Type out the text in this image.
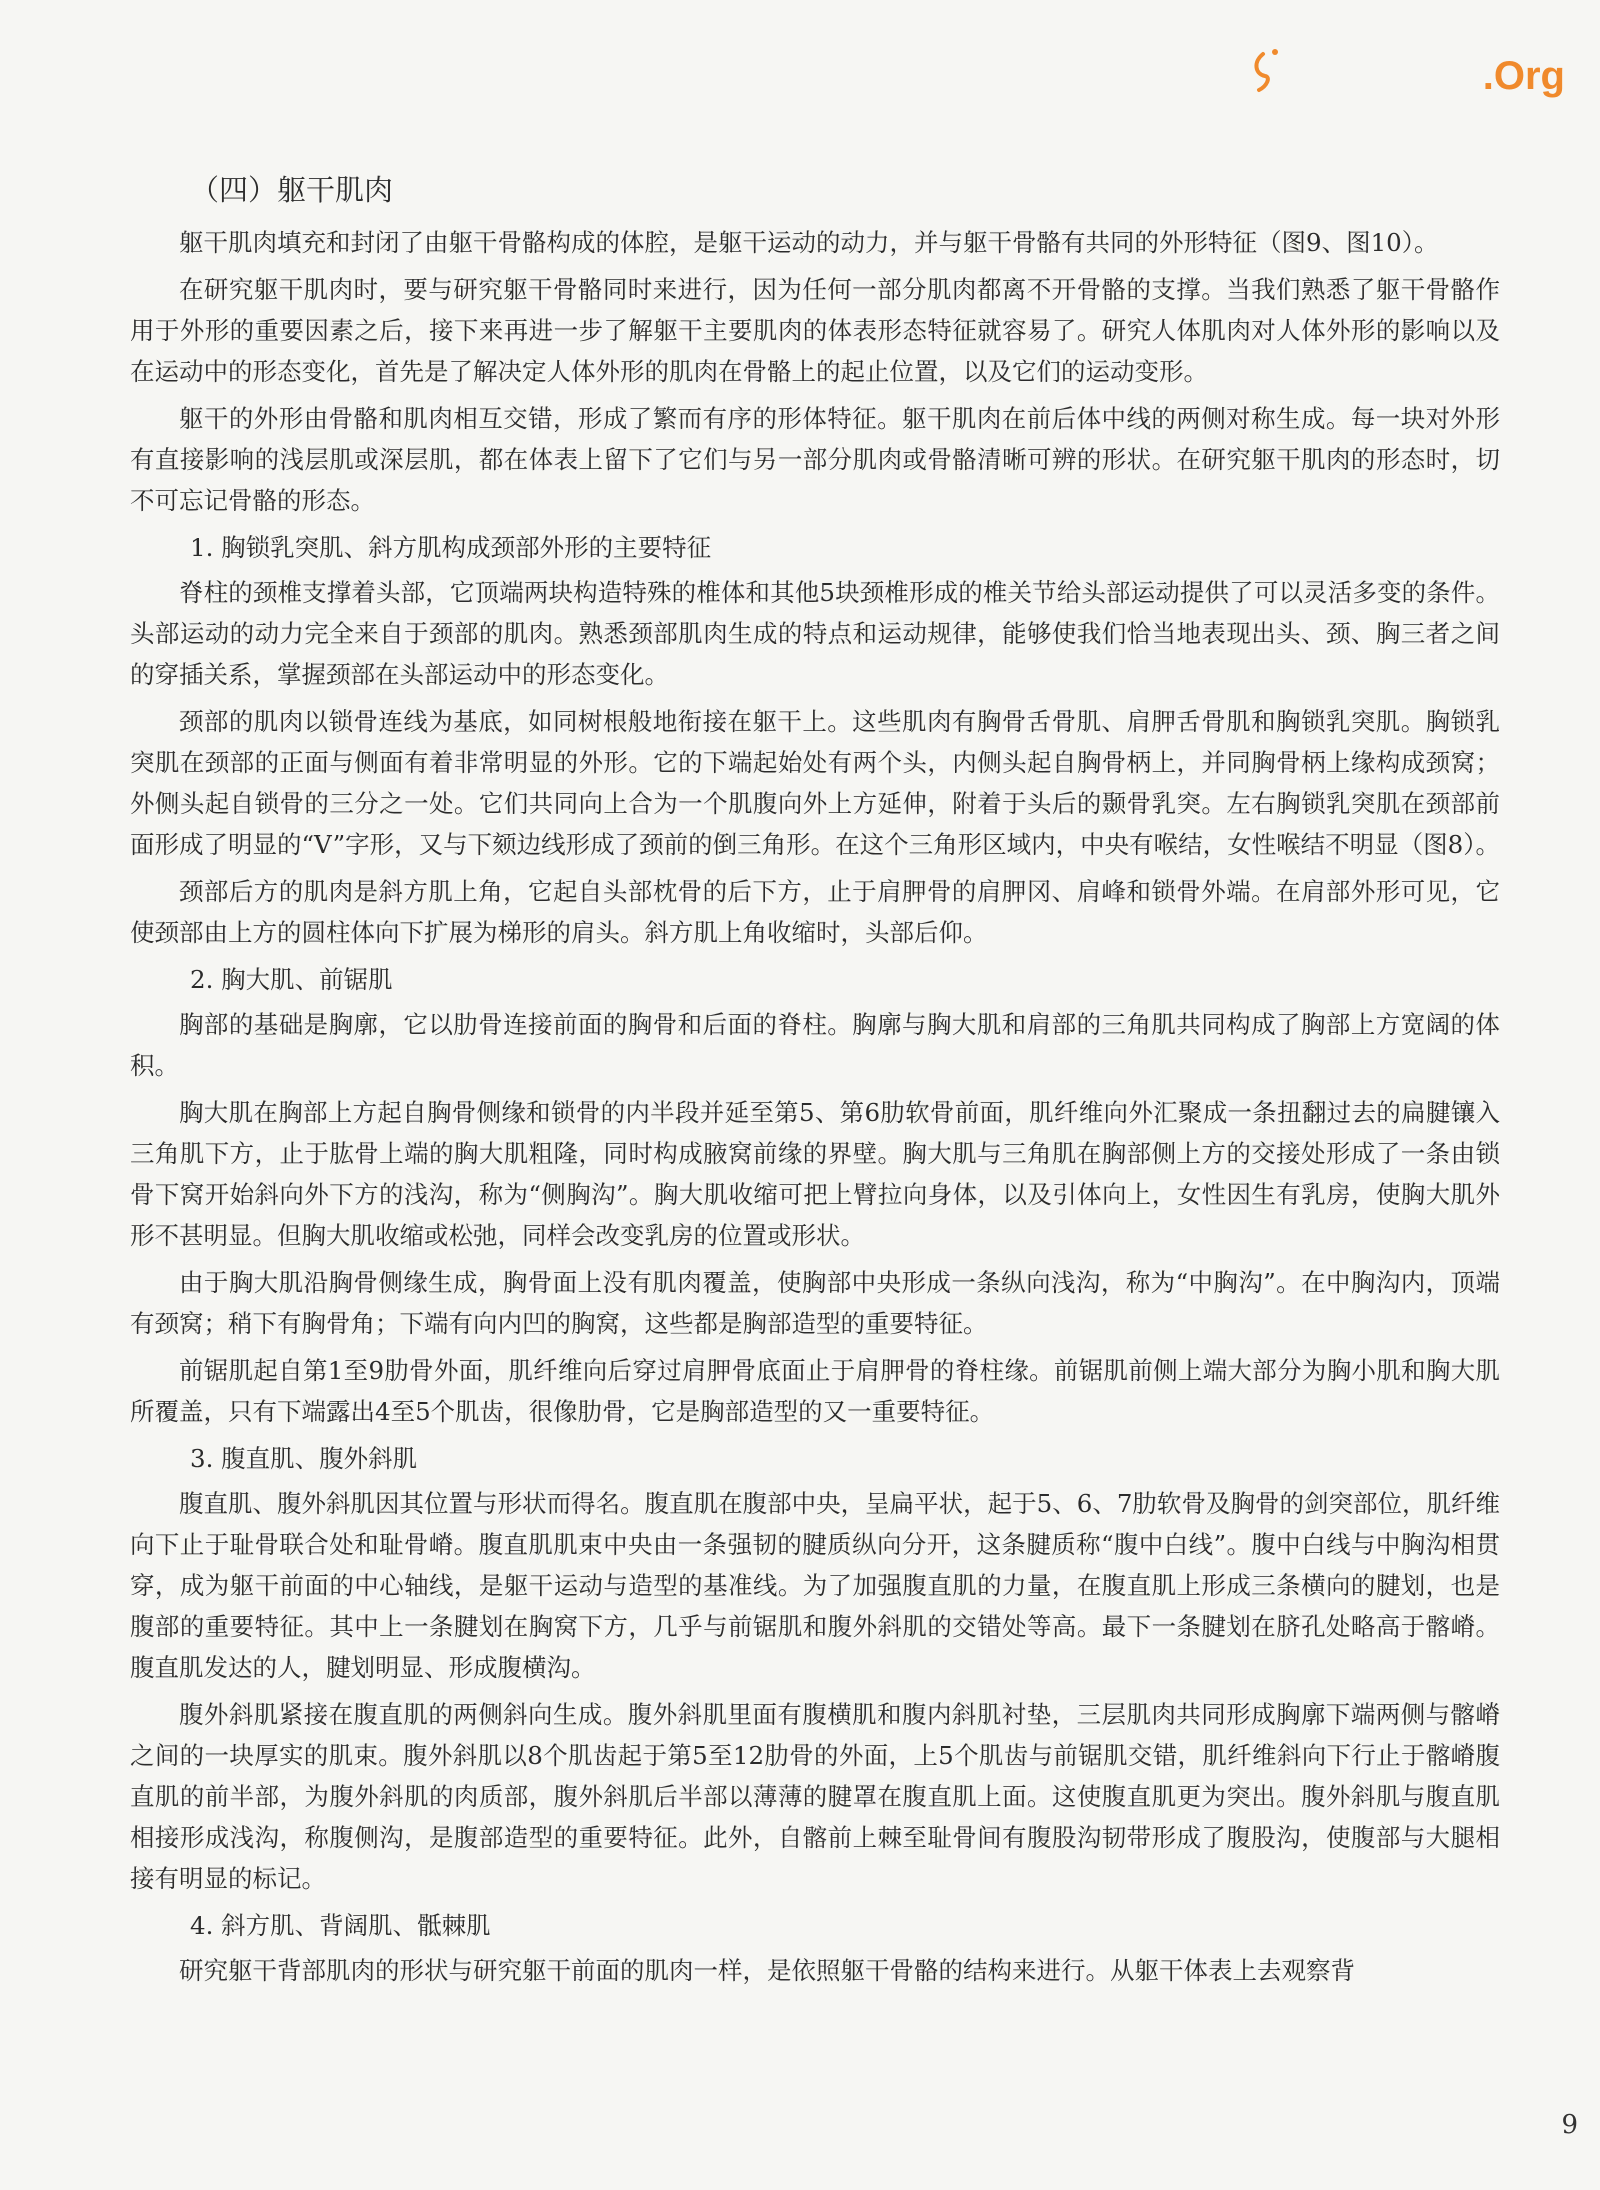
.Org
（四）躯干肌肉

躯干肌肉填充和封闭了由躯干骨骼构成的体腔，是躯干运动的动力，并与躯干骨骼有共同的外形特征（图9、图10）。

在研究躯干肌肉时，要与研究躯干骨骼同时来进行，因为任何一部分肌肉都离不开骨骼的支撑。当我们熟悉了躯干骨骼作用于外形的重要因素之后，接下来再进一步了解躯干主要肌肉的体表形态特征就容易了。研究人体肌肉对人体外形的影响以及在运动中的形态变化，首先是了解决定人体外形的肌肉在骨骼上的起止位置，以及它们的运动变形。

躯干的外形由骨骼和肌肉相互交错，形成了繁而有序的形体特征。躯干肌肉在前后体中线的两侧对称生成。每一块对外形有直接影响的浅层肌或深层肌，都在体表上留下了它们与另一部分肌肉或骨骼清晰可辨的形状。在研究躯干肌肉的形态时，切不可忘记骨骼的形态。

1. 胸锁乳突肌、斜方肌构成颈部外形的主要特征

脊柱的颈椎支撑着头部，它顶端两块构造特殊的椎体和其他5块颈椎形成的椎关节给头部运动提供了可以灵活多变的条件。头部运动的动力完全来自于颈部的肌肉。熟悉颈部肌肉生成的特点和运动规律，能够使我们恰当地表现出头、颈、胸三者之间的穿插关系，掌握颈部在头部运动中的形态变化。

颈部的肌肉以锁骨连线为基底，如同树根般地衔接在躯干上。这些肌肉有胸骨舌骨肌、肩胛舌骨肌和胸锁乳突肌。胸锁乳突肌在颈部的正面与侧面有着非常明显的外形。它的下端起始处有两个头，内侧头起自胸骨柄上，并同胸骨柄上缘构成颈窝；外侧头起自锁骨的三分之一处。它们共同向上合为一个肌腹向外上方延伸，附着于头后的颞骨乳突。左右胸锁乳突肌在颈部前面形成了明显的“V”字形，又与下颏边线形成了颈前的倒三角形。在这个三角形区域内，中央有喉结，女性喉结不明显（图8）。

颈部后方的肌肉是斜方肌上角，它起自头部枕骨的后下方，止于肩胛骨的肩胛冈、肩峰和锁骨外端。在肩部外形可见，它使颈部由上方的圆柱体向下扩展为梯形的肩头。斜方肌上角收缩时，头部后仰。

2. 胸大肌、前锯肌

胸部的基础是胸廓，它以肋骨连接前面的胸骨和后面的脊柱。胸廓与胸大肌和肩部的三角肌共同构成了胸部上方宽阔的体积。

胸大肌在胸部上方起自胸骨侧缘和锁骨的内半段并延至第5、第6肋软骨前面，肌纤维向外汇聚成一条扭翻过去的扁腱镶入三角肌下方，止于肱骨上端的胸大肌粗隆，同时构成腋窝前缘的界壁。胸大肌与三角肌在胸部侧上方的交接处形成了一条由锁骨下窝开始斜向外下方的浅沟，称为“侧胸沟”。胸大肌收缩可把上臂拉向身体，以及引体向上，女性因生有乳房，使胸大肌外形不甚明显。但胸大肌收缩或松弛，同样会改变乳房的位置或形状。

由于胸大肌沿胸骨侧缘生成，胸骨面上没有肌肉覆盖，使胸部中央形成一条纵向浅沟，称为“中胸沟”。在中胸沟内，顶端有颈窝；稍下有胸骨角；下端有向内凹的胸窝，这些都是胸部造型的重要特征。

前锯肌起自第1至9肋骨外面，肌纤维向后穿过肩胛骨底面止于肩胛骨的脊柱缘。前锯肌前侧上端大部分为胸小肌和胸大肌所覆盖，只有下端露出4至5个肌齿，很像肋骨，它是胸部造型的又一重要特征。

3. 腹直肌、腹外斜肌

腹直肌、腹外斜肌因其位置与形状而得名。腹直肌在腹部中央，呈扁平状，起于5、6、7肋软骨及胸骨的剑突部位，肌纤维向下止于耻骨联合处和耻骨嵴。腹直肌肌束中央由一条强韧的腱质纵向分开，这条腱质称“腹中白线”。腹中白线与中胸沟相贯穿，成为躯干前面的中心轴线，是躯干运动与造型的基准线。为了加强腹直肌的力量，在腹直肌上形成三条横向的腱划，也是腹部的重要特征。其中上一条腱划在胸窝下方，几乎与前锯肌和腹外斜肌的交错处等高。最下一条腱划在脐孔处略高于髂嵴。腹直肌发达的人，腱划明显、形成腹横沟。

腹外斜肌紧接在腹直肌的两侧斜向生成。腹外斜肌里面有腹横肌和腹内斜肌衬垫，三层肌肉共同形成胸廓下端两侧与髂嵴之间的一块厚实的肌束。腹外斜肌以8个肌齿起于第5至12肋骨的外面，上5个肌齿与前锯肌交错，肌纤维斜向下行止于髂嵴腹直肌的前半部，为腹外斜肌的肉质部，腹外斜肌后半部以薄薄的腱罩在腹直肌上面。这使腹直肌更为突出。腹外斜肌与腹直肌相接形成浅沟，称腹侧沟，是腹部造型的重要特征。此外，自髂前上棘至耻骨间有腹股沟韧带形成了腹股沟，使腹部与大腿相接有明显的标记。

4. 斜方肌、背阔肌、骶棘肌

研究躯干背部肌肉的形状与研究躯干前面的肌肉一样，是依照躯干骨骼的结构来进行。从躯干体表上去观察背

9
